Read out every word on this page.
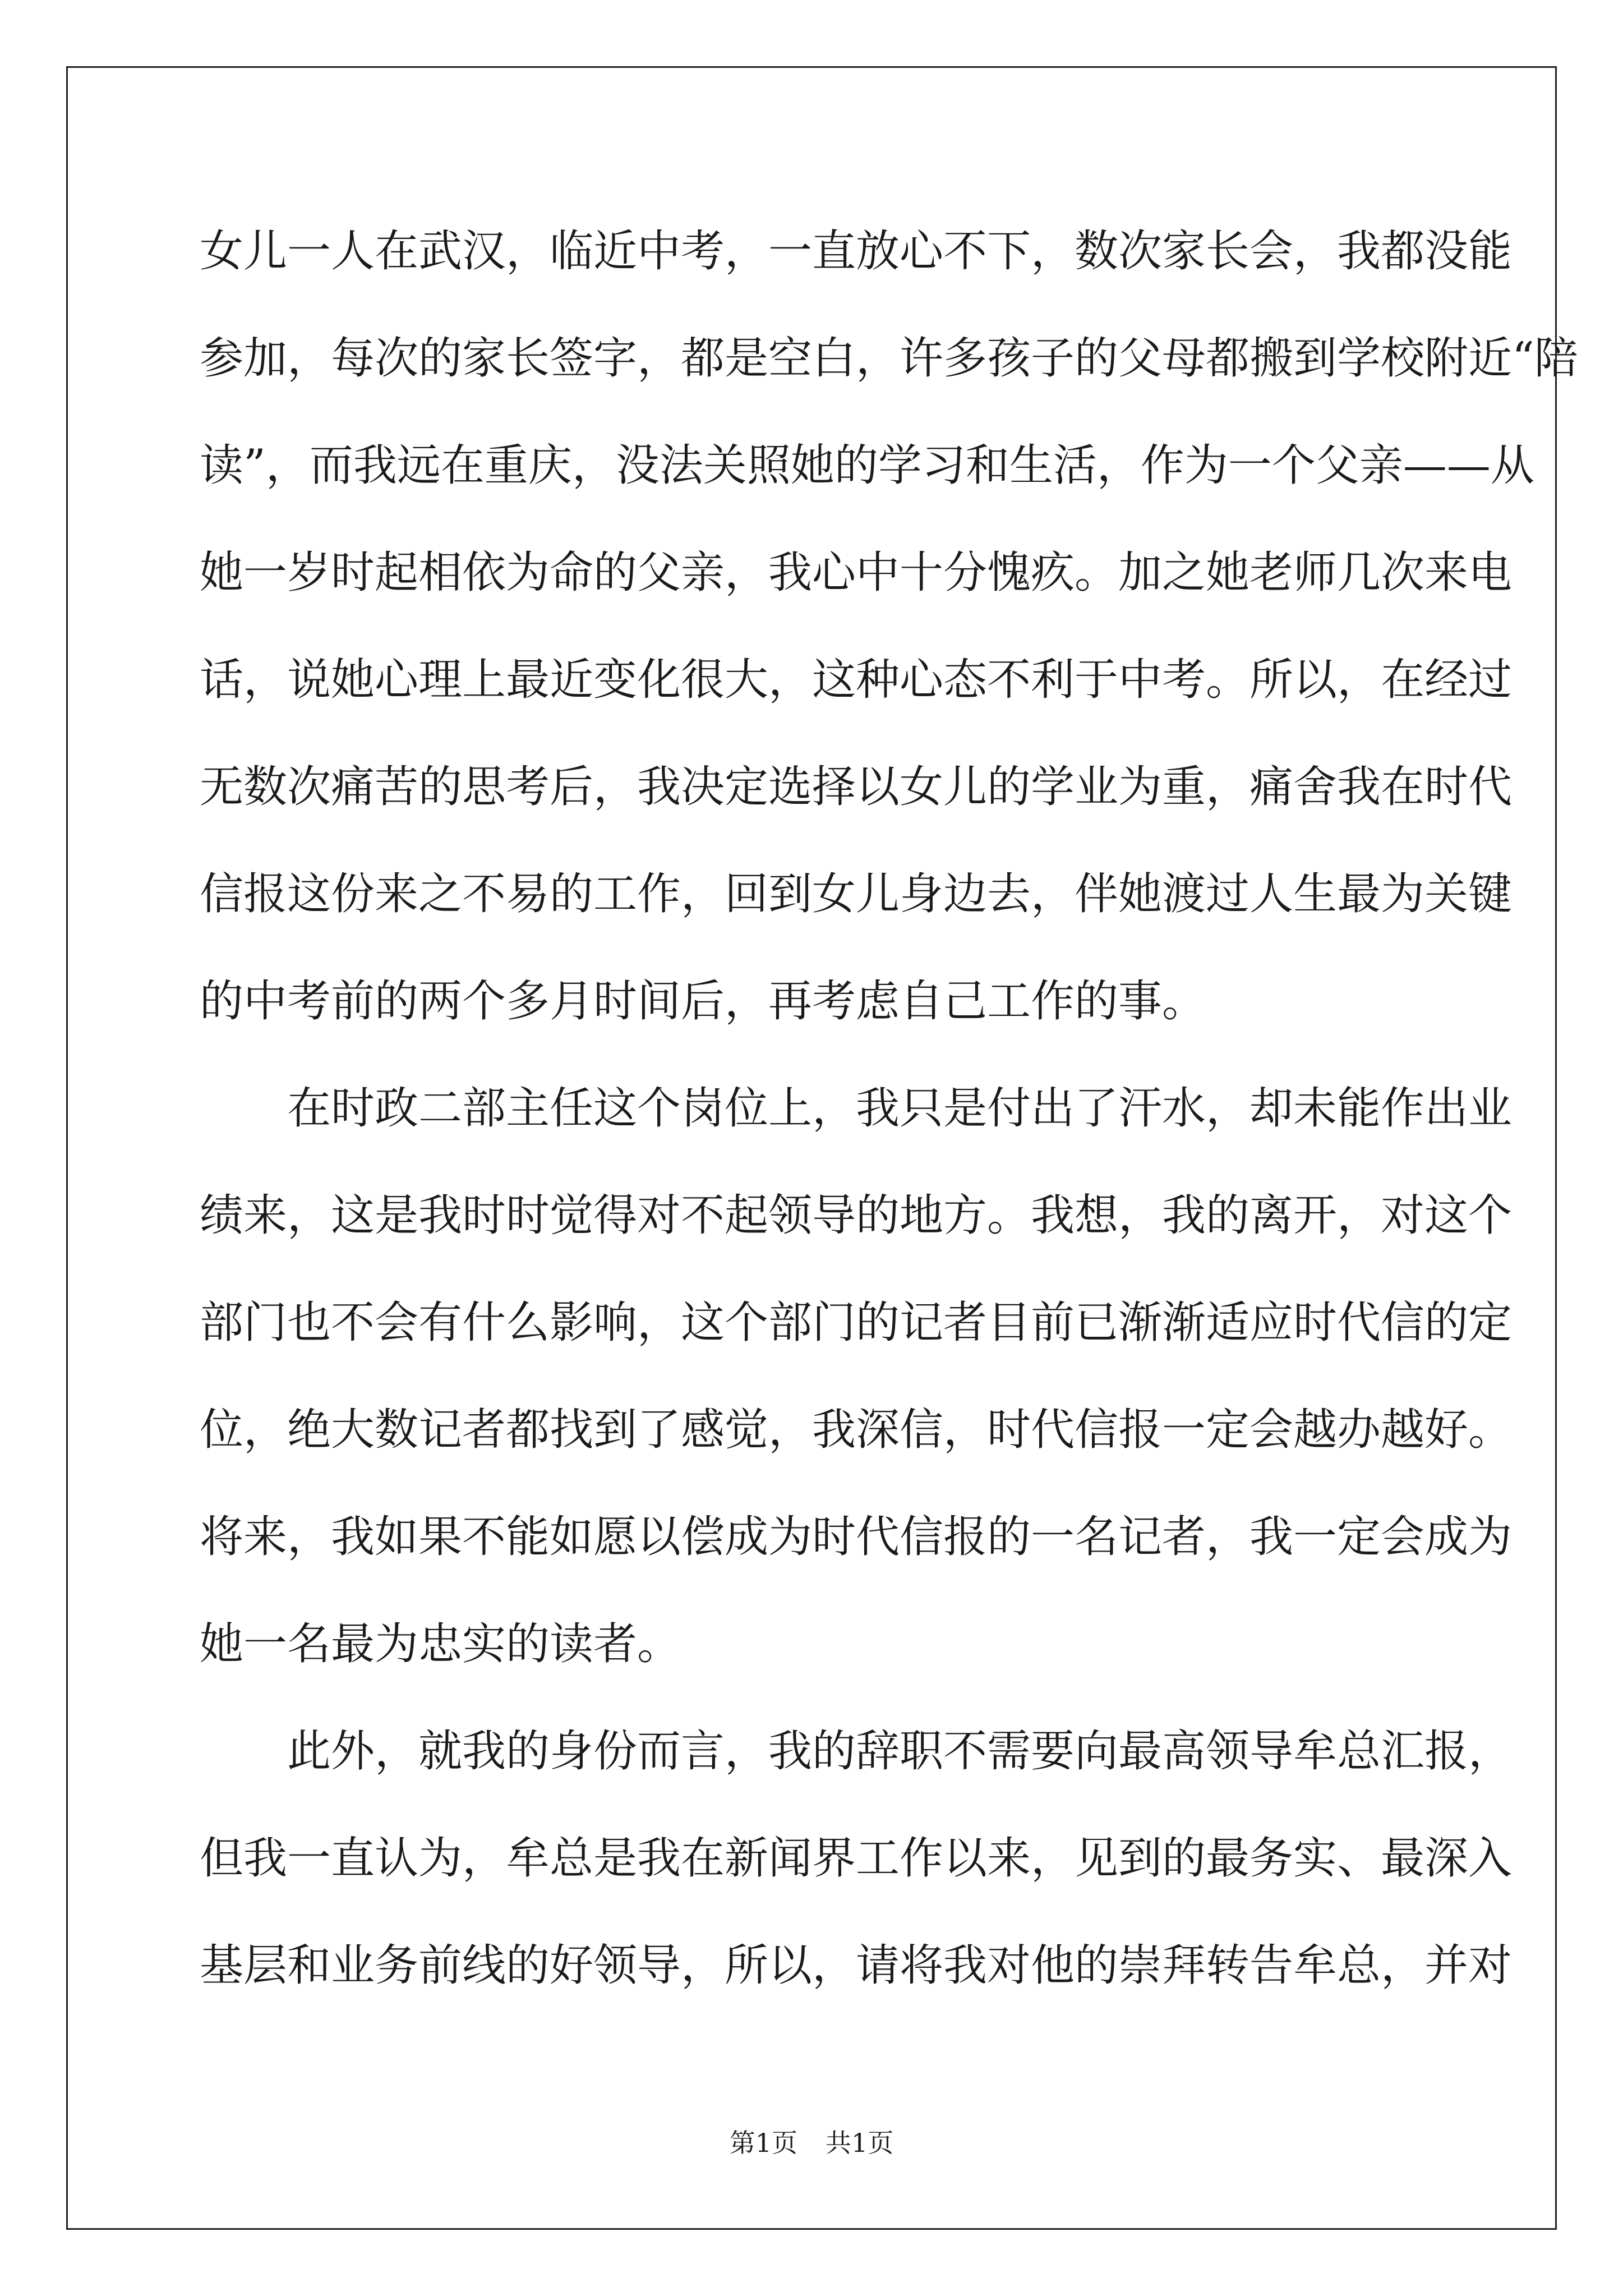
女儿一人在武汉，临近中考，一直放心不下，数次家长会，我都没能
参加，每次的家长签字，都是空白，许多孩子的父母都搬到学校附近“陪
读”，而我远在重庆，没法关照她的学习和生活，作为一个父亲——从
她一岁时起相依为命的父亲，我心中十分愧疚。加之她老师几次来电
话，说她心理上最近变化很大，这种心态不利于中考。所以，在经过
无数次痛苦的思考后，我决定选择以女儿的学业为重，痛舍我在时代
信报这份来之不易的工作，回到女儿身边去，伴她渡过人生最为关键
的中考前的两个多月时间后，再考虑自己工作的事。
在时政二部主任这个岗位上，我只是付出了汗水，却未能作出业
绩来，这是我时时觉得对不起领导的地方。我想，我的离开，对这个
部门也不会有什么影响，这个部门的记者目前已渐渐适应时代信的定
位，绝大数记者都找到了感觉，我深信，时代信报一定会越办越好。
将来，我如果不能如愿以偿成为时代信报的一名记者，我一定会成为
她一名最为忠实的读者。
此外，就我的身份而言，我的辞职不需要向最高领导牟总汇报，
但我一直认为，牟总是我在新闻界工作以来，见到的最务实、最深入
基层和业务前线的好领导，所以，请将我对他的崇拜转告牟总，并对
第1页 共1页
